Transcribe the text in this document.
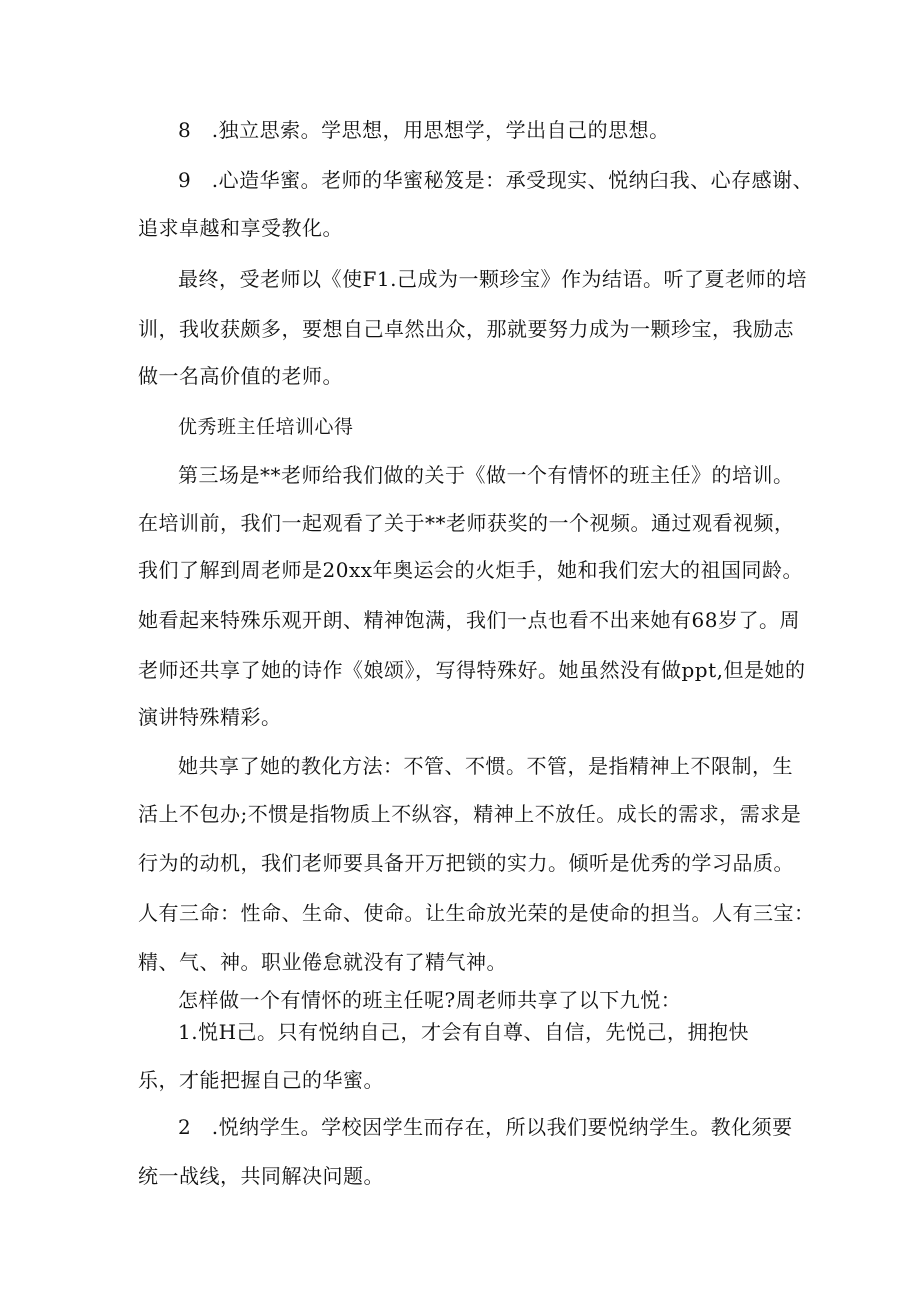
8　.独立思索。学思想，用思想学，学出自己的思想。
9　.心造华蜜。老师的华蜜秘笈是：承受现实、悦纳臼我、心存感谢、
追求卓越和享受教化。
最终，受老师以《使F1.己成为一颗珍宝》作为结语。听了夏老师的培
训，我收获颇多，要想自己卓然出众，那就要努力成为一颗珍宝，我励志
做一名高价值的老师。
优秀班主任培训心得
第三场是**老师给我们做的关于《做一个有情怀的班主任》的培训。
在培训前，我们一起观看了关于**老师获奖的一个视频。通过观看视频，
我们了解到周老师是20xx年奥运会的火炬手，她和我们宏大的祖国同龄。
她看起来特殊乐观开朗、精神饱满，我们一点也看不出来她有68岁了。周
老师还共享了她的诗作《娘颂》，写得特殊好。她虽然没有做ppt,但是她的
演讲特殊精彩。
她共享了她的教化方法：不管、不惯。不管，是指精神上不限制，生
活上不包办;不惯是指物质上不纵容，精神上不放任。成长的需求，需求是
行为的动机，我们老师要具备开万把锁的实力。倾听是优秀的学习品质。
人有三命：性命、生命、使命。让生命放光荣的是使命的担当。人有三宝：
精、气、神。职业倦怠就没有了精气神。
怎样做一个有情怀的班主任呢?周老师共享了以下九悦：
1.悦H己。只有悦纳自己，才会有自尊、自信，先悦己，拥抱快
乐，才能把握自己的华蜜。
2　.悦纳学生。学校因学生而存在，所以我们要悦纳学生。教化须要
统一战线，共同解决问题。
